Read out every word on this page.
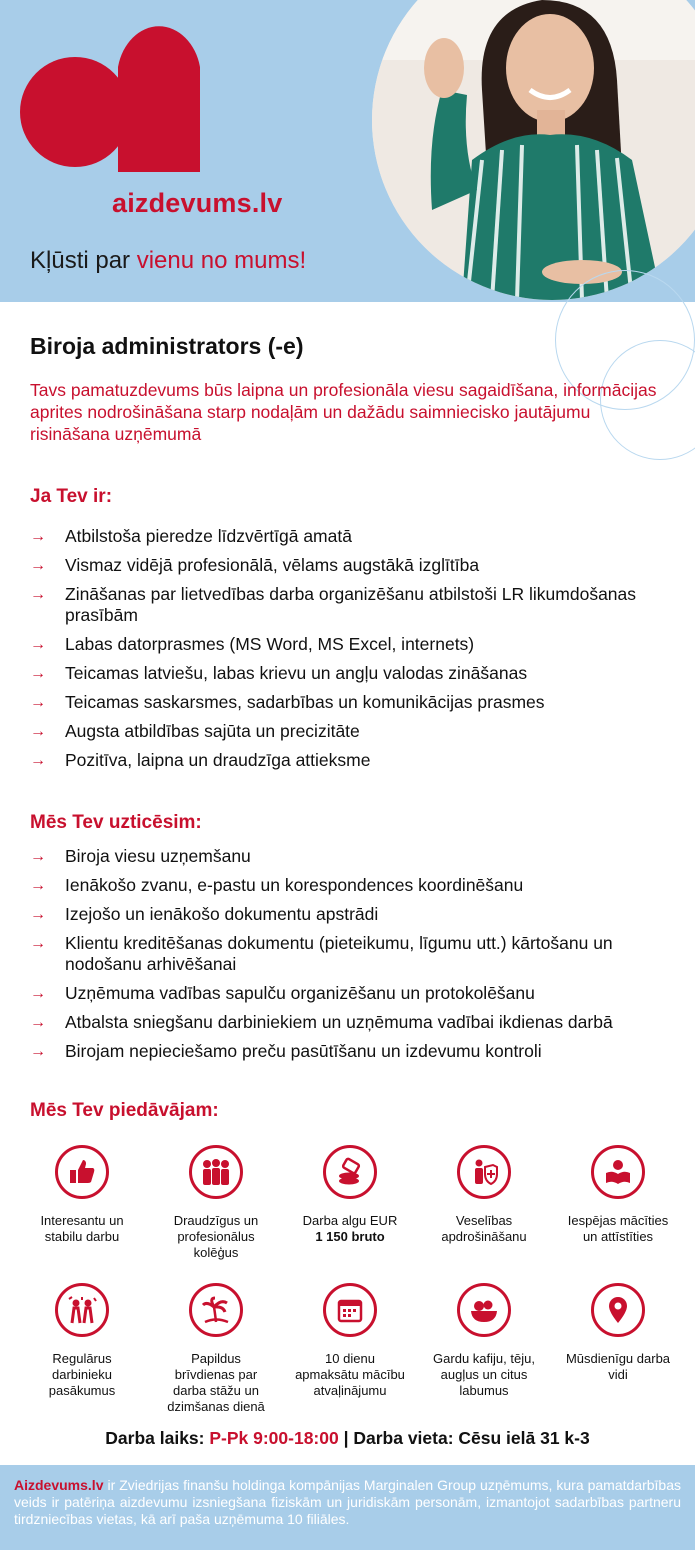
aizdevums.lv
Kļūsti par vienu no mums!
Biroja administrators (-e)
Tavs pamatuzdevums būs laipna un profesionāla viesu sagaidīšana, informācijas aprites nodrošināšana starp nodaļām un dažādu saimniecisko jautājumu risināšana uzņēmumā
Ja Tev ir:
→ Atbilstoša pieredze līdzvērtīgā amatā
→ Vismaz vidējā profesionālā, vēlams augstākā izglītība
→ Zināšanas par lietvedības darba organizēšanu atbilstoši LR likumdošanas prasībām
→ Labas datorprasmes (MS Word, MS Excel, internets)
→ Teicamas latviešu, labas krievu un angļu valodas zināšanas
→ Teicamas saskarsmes, sadarbības un komunikācijas prasmes
→ Augsta atbildības sajūta un precizitāte
→ Pozitīva, laipna un draudzīga attieksme
Mēs Tev uzticēsim:
→ Biroja viesu uzņemšanu
→ Ienākošo zvanu, e-pastu un korespondences koordinēšanu
→ Izejošo un ienākošo dokumentu apstrādi
→ Klientu kreditēšanas dokumentu (pieteikumu, līgumu utt.) kārtošanu un nodošanu arhivēšanai
→ Uzņēmuma vadības sapulču organizēšanu un protokolēšanu
→ Atbalsta sniegšanu darbiniekiem un uzņēmuma vadībai ikdienas darbā
→ Birojam nepieciešamo preču pasūtīšanu un izdevumu kontroli
Mēs Tev piedāvājam:
Interesantu un stabilu darbu
Draudzīgus un profesionālus kolēģus
Darba algu EUR
1 150 bruto
Veselības apdrošināšanu
Iespējas mācīties un attīstīties
Regulārus darbinieku pasākumus
Papildus brīvdienas par darba stāžu un dzimšanas dienā
10 dienu apmaksātu mācību atvaļinājumu
Gardu kafiju, tēju, augļus un citus labumus
Mūsdienīgu darba vidi
Darba laiks: P-Pk 9:00-18:00 | Darba vieta: Cēsu ielā 31 k-3
Aizdevums.lv ir Zviedrijas finanšu holdinga kompānijas Marginalen Group uzņēmums, kura pamatdarbības veids ir patēriņa aizdevumu izsniegšana fiziskām un juridiskām personām, izmantojot sadarbības partneru tirdzniecības vietas, kā arī paša uzņēmuma 10 filiāles.
